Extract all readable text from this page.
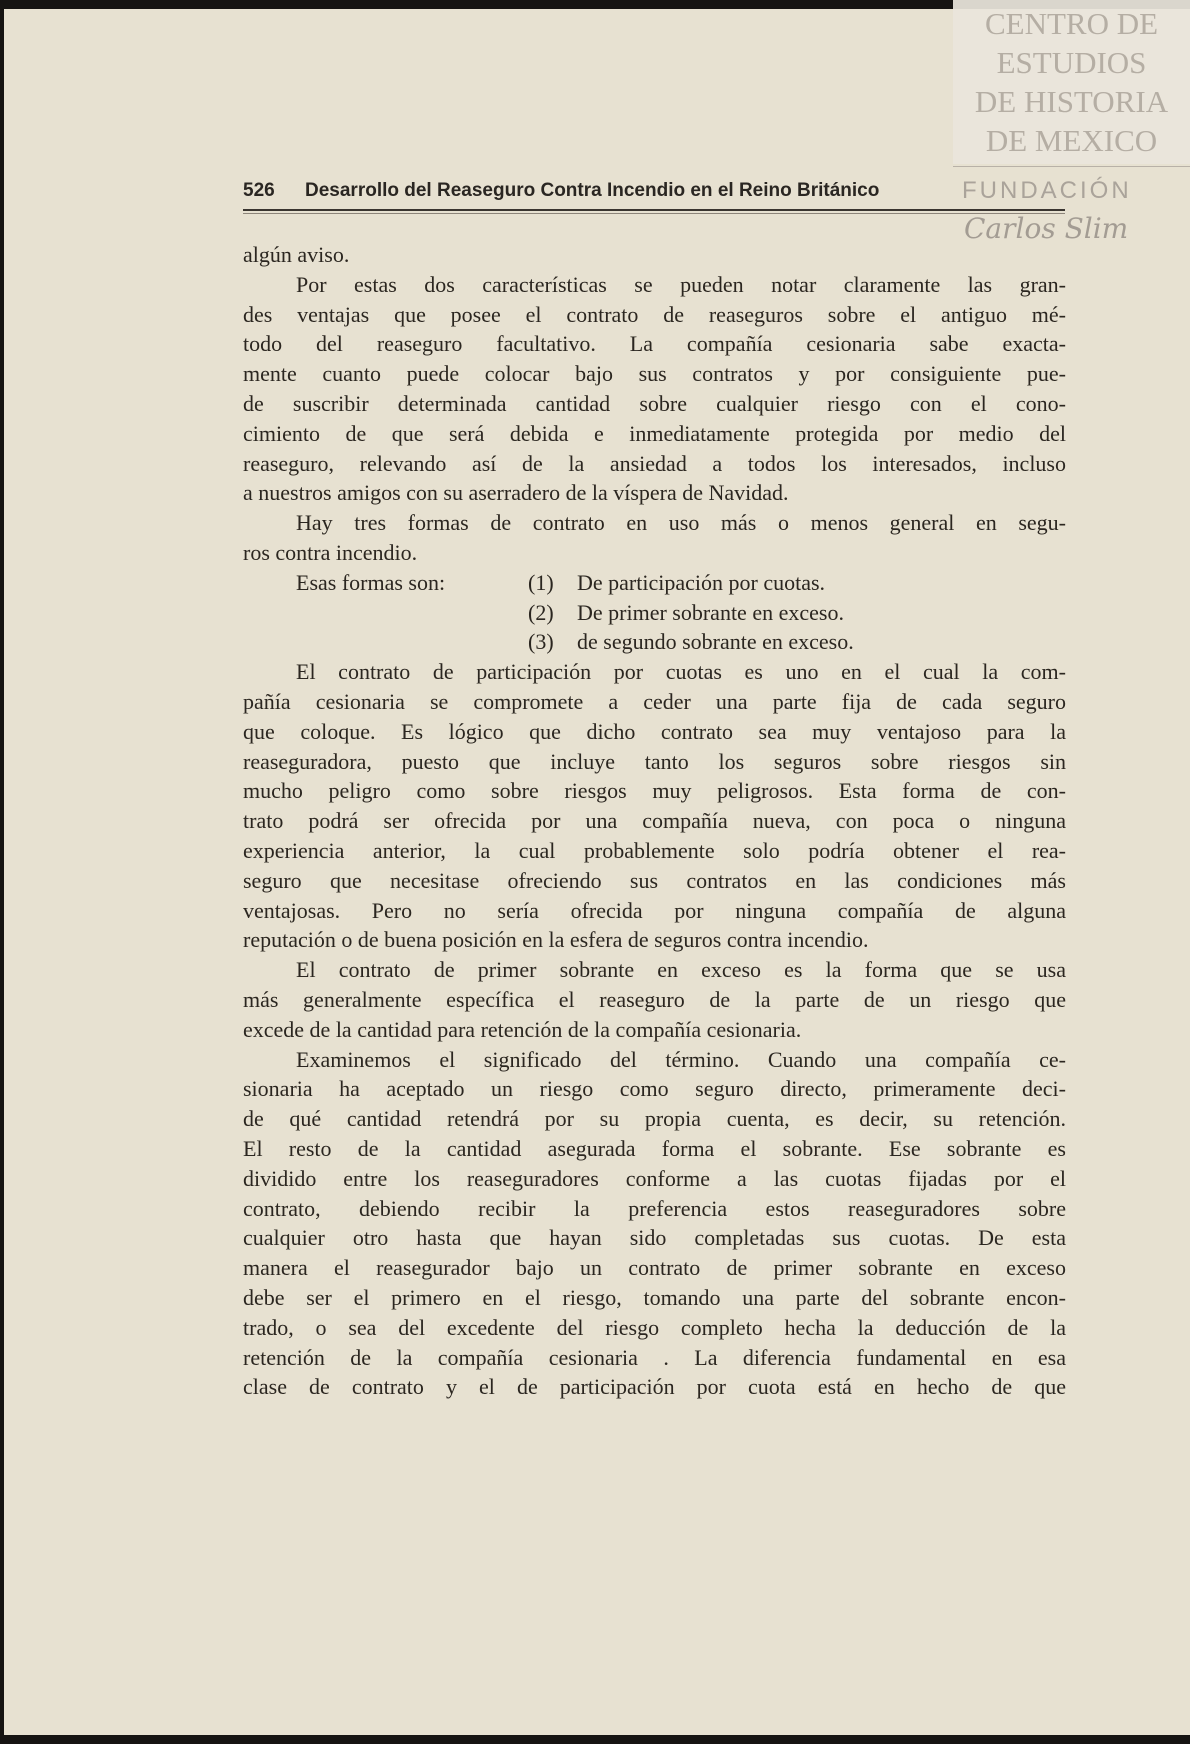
526 Desarrollo del Reaseguro Contra Incendio en el Reino Británico
algún aviso.
Por estas dos características se pueden notar claramente las gran-
des ventajas que posee el contrato de reaseguros sobre el antiguo mé-
todo del reaseguro facultativo. La compañía cesionaria sabe exacta-
mente cuanto puede colocar bajo sus contratos y por consiguiente pue-
de suscribir determinada cantidad sobre cualquier riesgo con el cono-
cimiento de que será debida e inmediatamente protegida por medio del
reaseguro, relevando así de la ansiedad a todos los interesados, incluso
a nuestros amigos con su aserradero de la víspera de Navidad.
Hay tres formas de contrato en uso más o menos general en segu-
ros contra incendio.
Esas formas son:	(1) De participación por cuotas.
(2) De primer sobrante en exceso.
(3) de segundo sobrante en exceso.
El contrato de participación por cuotas es uno en el cual la com-
pañía cesionaria se compromete a ceder una parte fija de cada seguro
que coloque. Es lógico que dicho contrato sea muy ventajoso para la
reaseguradora, puesto que incluye tanto los seguros sobre riesgos sin
mucho peligro como sobre riesgos muy peligrosos. Esta forma de con-
trato podrá ser ofrecida por una compañía nueva, con poca o ninguna
experiencia anterior, la cual probablemente solo podría obtener el rea-
seguro que necesitase ofreciendo sus contratos en las condiciones más
ventajosas. Pero no sería ofrecida por ninguna compañía de alguna
reputación o de buena posición en la esfera de seguros contra incendio.
El contrato de primer sobrante en exceso es la forma que se usa
más generalmente específica el reaseguro de la parte de un riesgo que
excede de la cantidad para retención de la compañía cesionaria.
Examinemos el significado del término. Cuando una compañía ce-
sionaria ha aceptado un riesgo como seguro directo, primeramente deci-
de qué cantidad retendrá por su propia cuenta, es decir, su retención.
El resto de la cantidad asegurada forma el sobrante. Ese sobrante es
dividido entre los reaseguradores conforme a las cuotas fijadas por el
contrato, debiendo recibir la preferencia estos reaseguradores sobre
cualquier otro hasta que hayan sido completadas sus cuotas. De esta
manera el reasegurador bajo un contrato de primer sobrante en exceso
debe ser el primero en el riesgo, tomando una parte del sobrante encon-
trado, o sea del excedente del riesgo completo hecha la deducción de la
retención de la compañía cesionaria . La diferencia fundamental en esa
clase de contrato y el de participación por cuota está en hecho de que
CENTRO DE
ESTUDIOS
DE HISTORIA
DE MEXICO
FUNDACIÓN
Carlos Slim
